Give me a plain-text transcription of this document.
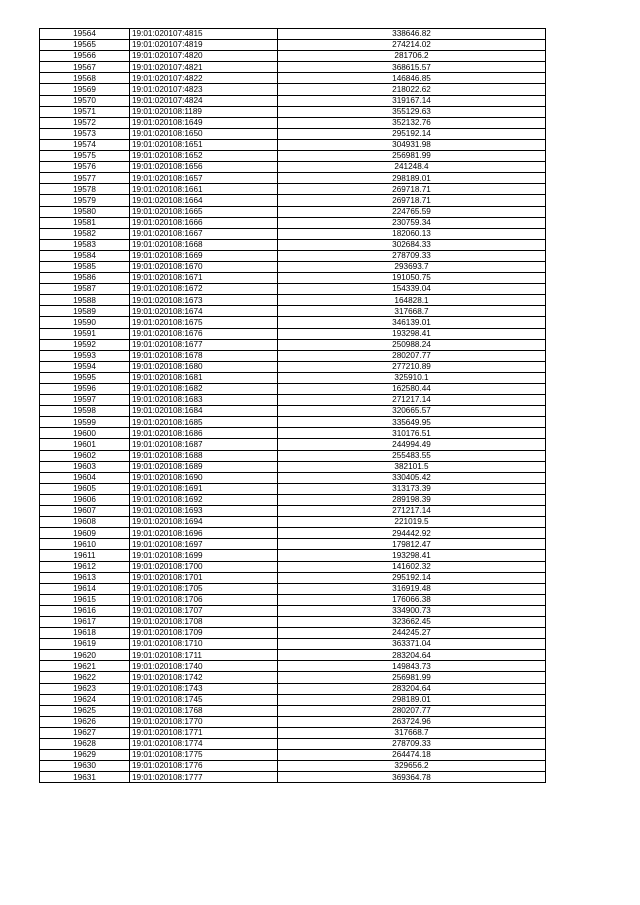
19564	19:01:020107:4815	338646.82
19565	19:01:020107:4819	274214.02
19566	19:01:020107:4820	281706.2
19567	19:01:020107:4821	368615.57
19568	19:01:020107:4822	146846.85
19569	19:01:020107:4823	218022.62
19570	19:01:020107:4824	319167.14
19571	19:01:020108:1189	355129.63
19572	19:01:020108:1649	352132.76
19573	19:01:020108:1650	295192.14
19574	19:01:020108:1651	304931.98
19575	19:01:020108:1652	256981.99
19576	19:01:020108:1656	241248.4
19577	19:01:020108:1657	298189.01
19578	19:01:020108:1661	269718.71
19579	19:01:020108:1664	269718.71
19580	19:01:020108:1665	224765.59
19581	19:01:020108:1666	230759.34
19582	19:01:020108:1667	182060.13
19583	19:01:020108:1668	302684.33
19584	19:01:020108:1669	278709.33
19585	19:01:020108:1670	293693.7
19586	19:01:020108:1671	191050.75
19587	19:01:020108:1672	154339.04
19588	19:01:020108:1673	164828.1
19589	19:01:020108:1674	317668.7
19590	19:01:020108:1675	346139.01
19591	19:01:020108:1676	193298.41
19592	19:01:020108:1677	250988.24
19593	19:01:020108:1678	280207.77
19594	19:01:020108:1680	277210.89
19595	19:01:020108:1681	325910.1
19596	19:01:020108:1682	162580.44
19597	19:01:020108:1683	271217.14
19598	19:01:020108:1684	320665.57
19599	19:01:020108:1685	335649.95
19600	19:01:020108:1686	310176.51
19601	19:01:020108:1687	244994.49
19602	19:01:020108:1688	255483.55
19603	19:01:020108:1689	382101.5
19604	19:01:020108:1690	330405.42
19605	19:01:020108:1691	313173.39
19606	19:01:020108:1692	289198.39
19607	19:01:020108:1693	271217.14
19608	19:01:020108:1694	221019.5
19609	19:01:020108:1696	294442.92
19610	19:01:020108:1697	179812.47
19611	19:01:020108:1699	193298.41
19612	19:01:020108:1700	141602.32
19613	19:01:020108:1701	295192.14
19614	19:01:020108:1705	316919.48
19615	19:01:020108:1706	176066.38
19616	19:01:020108:1707	334900.73
19617	19:01:020108:1708	323662.45
19618	19:01:020108:1709	244245.27
19619	19:01:020108:1710	363371.04
19620	19:01:020108:1711	283204.64
19621	19:01:020108:1740	149843.73
19622	19:01:020108:1742	256981.99
19623	19:01:020108:1743	283204.64
19624	19:01:020108:1745	298189.01
19625	19:01:020108:1768	280207.77
19626	19:01:020108:1770	263724.96
19627	19:01:020108:1771	317668.7
19628	19:01:020108:1774	278709.33
19629	19:01:020108:1775	264474.18
19630	19:01:020108:1776	329656.2
19631	19:01:020108:1777	369364.78
